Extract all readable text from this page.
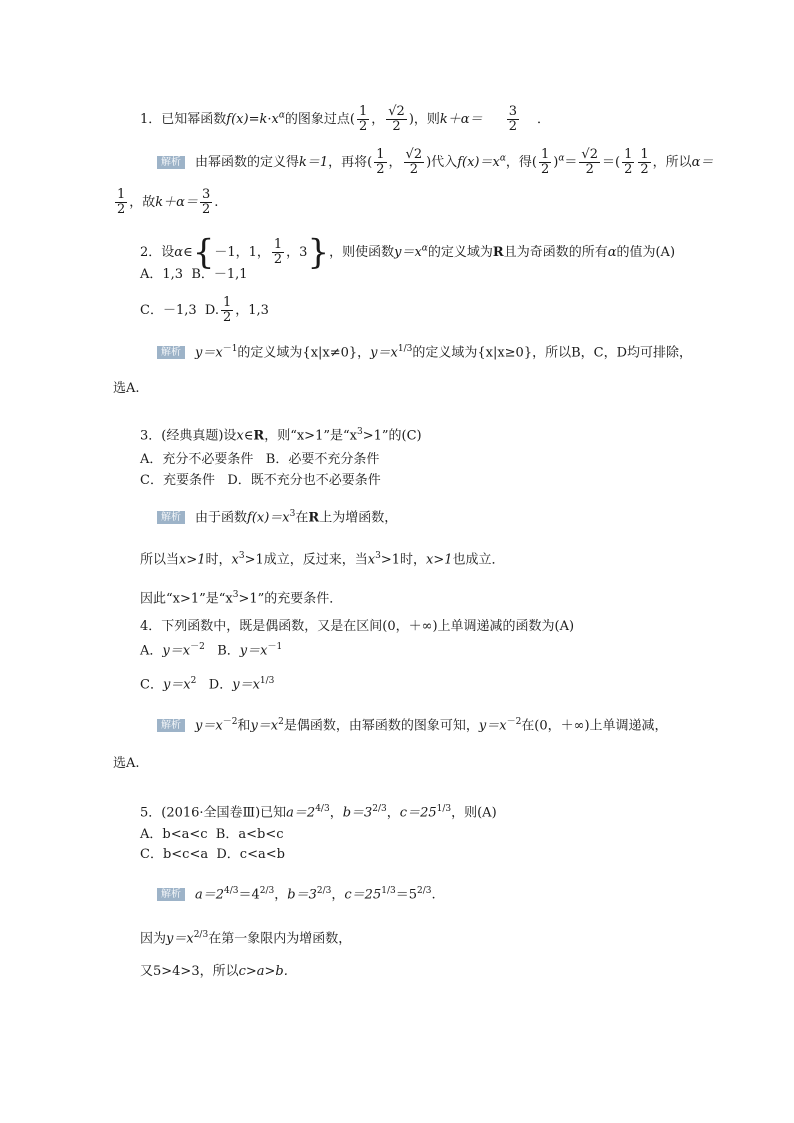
1．已知幂函数$f(x)=k\cdot x^\alpha$的图象过点( $\frac{1}{2}$ ， $\frac{√2}{2}$ )，则$k+\alpha= \frac{3}{2}$ ．
解析 由幂函数的定义得k＝1，再将( $\frac{1}{2}$ ， $\frac{√2}{2}$ )代入$f(x)=x^\alpha$，得( $\frac{1}{2} )^\alpha= \frac{√2}{2}$ ＝( $\frac{1}{2} \frac{1}{2}$ ，所以α＝
$\frac{1}{2}$ ，故$k+\alpha= \frac{3}{2}$ .
2．设α∈{－1，1， $\frac{1}{2}$ ，3}，则使函数$y=x^\alpha$的定义域为R且为奇函数的所有α的值为(A)
A．1,3 B．－1,1
C．－1,3 D. $\frac{1}{2}$ ，1,3
解析 $y=x^{-1}$的定义域为{x|x≠0}，$y=x^{1/3}$的定义域为{x|x≥0}，所以B，C，D均可排除，
选A.
3．(经典真题)设x∈R，则“x>1”是“$x^3>1$”的(C)
A．充分不必要条件 B．必要不充分条件
C．充要条件 D．既不充分也不必要条件
解析 由于函数$f(x)=x^3$在R上为增函数，
所以当x>1时，$x^3>1$成立，反过来，当$x^3>1$时，x>1也成立．
因此“x>1”是“$x^3>1$”的充要条件．
4．下列函数中，既是偶函数，又是在区间(0，＋∞)上单调递减的函数为(A)
A．$y=x^{-2}$ B．$y=x^{-1}$
C．$y=x^2$ D．$y=x^{1/3}$
解析 $y=x^{-2}$和$y=x^2$是偶函数，由幂函数的图象可知，$y=x^{-2}$在(0，＋∞)上单调递减，
选A.
5．(2016·全国卷Ⅲ)已知$a=2^{4/3}$，$b=3^{2/3}$，$c=25^{1/3}$，则(A)
A．b<a<c B．a<b<c
C．b<c<a D．c<a<b
解析 $a=2^{4/3}=4^{2/3}$，$b=3^{2/3}$，$c=25^{1/3}=5^{2/3}$.
因为$y=x^{2/3}$在第一象限内为增函数，
又5>4>3，所以c>a>b.
